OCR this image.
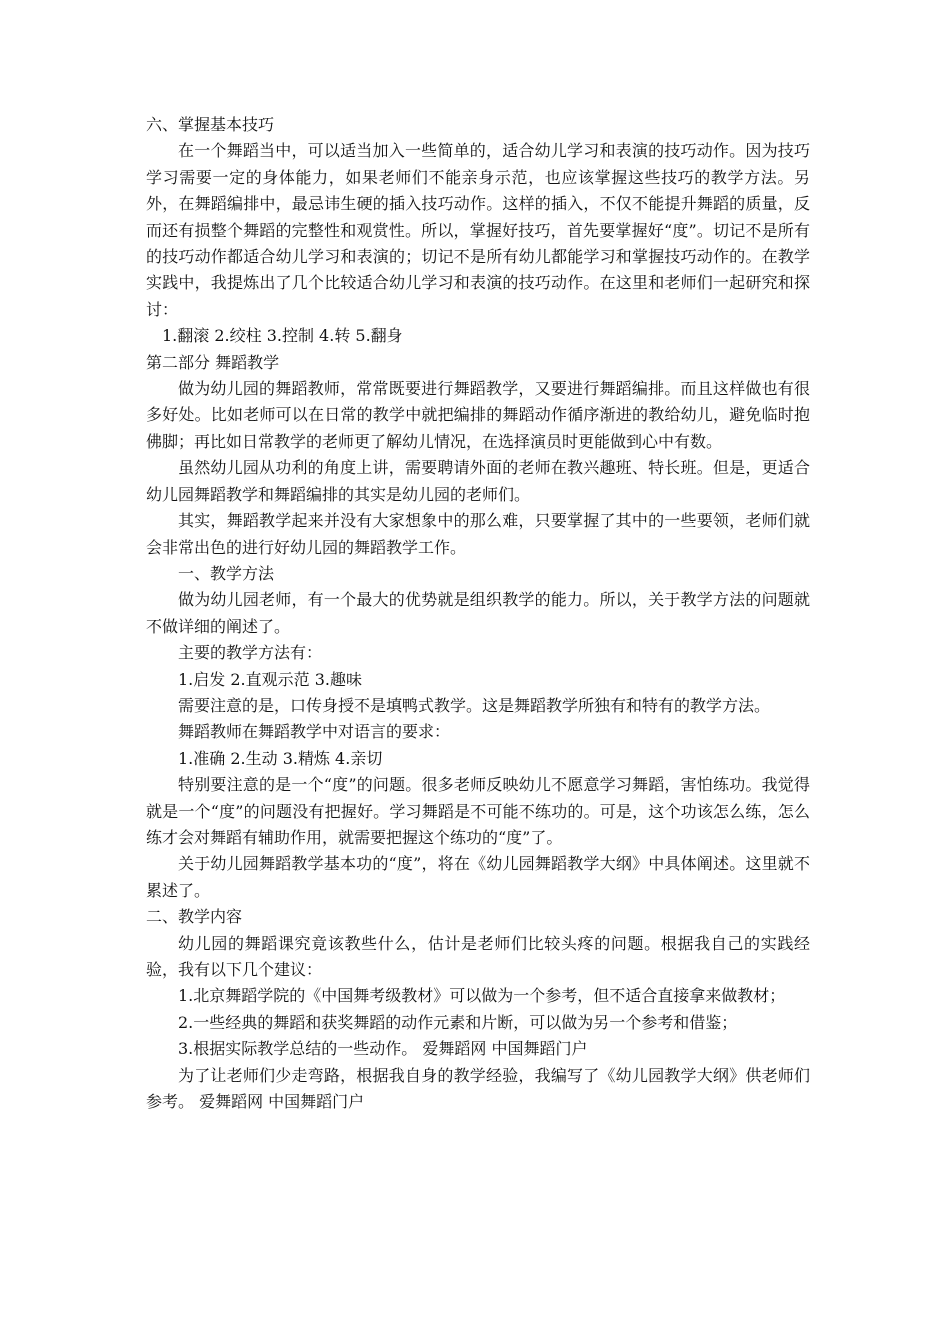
六、掌握基本技巧

在一个舞蹈当中，可以适当加入一些简单的，适合幼儿学习和表演的技巧动作。因为技巧学习需要一定的身体能力，如果老师们不能亲身示范，也应该掌握这些技巧的教学方法。另外，在舞蹈编排中，最忌讳生硬的插入技巧动作。这样的插入，不仅不能提升舞蹈的质量，反而还有损整个舞蹈的完整性和观赏性。所以，掌握好技巧，首先要掌握好“度”。切记不是所有的技巧动作都适合幼儿学习和表演的；切记不是所有幼儿都能学习和掌握技巧动作的。在教学实践中，我提炼出了几个比较适合幼儿学习和表演的技巧动作。在这里和老师们一起研究和探讨：

1.翻滚 2.绞柱 3.控制 4.转 5.翻身

第二部分 舞蹈教学

做为幼儿园的舞蹈教师，常常既要进行舞蹈教学，又要进行舞蹈编排。而且这样做也有很多好处。比如老师可以在日常的教学中就把编排的舞蹈动作循序渐进的教给幼儿，避免临时抱佛脚；再比如日常教学的老师更了解幼儿情况，在选择演员时更能做到心中有数。

虽然幼儿园从功利的角度上讲，需要聘请外面的老师在教兴趣班、特长班。但是，更适合幼儿园舞蹈教学和舞蹈编排的其实是幼儿园的老师们。

其实，舞蹈教学起来并没有大家想象中的那么难，只要掌握了其中的一些要领，老师们就会非常出色的进行好幼儿园的舞蹈教学工作。

一、教学方法

做为幼儿园老师，有一个最大的优势就是组织教学的能力。所以，关于教学方法的问题就不做详细的阐述了。

主要的教学方法有：

1.启发 2.直观示范 3.趣味

需要注意的是，口传身授不是填鸭式教学。这是舞蹈教学所独有和特有的教学方法。

舞蹈教师在舞蹈教学中对语言的要求：

1.准确 2.生动 3.精炼 4.亲切

特别要注意的是一个“度”的问题。很多老师反映幼儿不愿意学习舞蹈，害怕练功。我觉得就是一个“度”的问题没有把握好。学习舞蹈是不可能不练功的。可是，这个功该怎么练，怎么练才会对舞蹈有辅助作用，就需要把握这个练功的“度”了。

关于幼儿园舞蹈教学基本功的“度”，将在《幼儿园舞蹈教学大纲》中具体阐述。这里就不累述了。

二、教学内容

幼儿园的舞蹈课究竟该教些什么，估计是老师们比较头疼的问题。根据我自己的实践经验，我有以下几个建议：

1.北京舞蹈学院的《中国舞考级教材》可以做为一个参考，但不适合直接拿来做教材；

2.一些经典的舞蹈和获奖舞蹈的动作元素和片断，可以做为另一个参考和借鉴；

3.根据实际教学总结的一些动作。 爱舞蹈网 中国舞蹈门户

为了让老师们少走弯路，根据我自身的教学经验，我编写了《幼儿园教学大纲》供老师们参考。 爱舞蹈网 中国舞蹈门户
